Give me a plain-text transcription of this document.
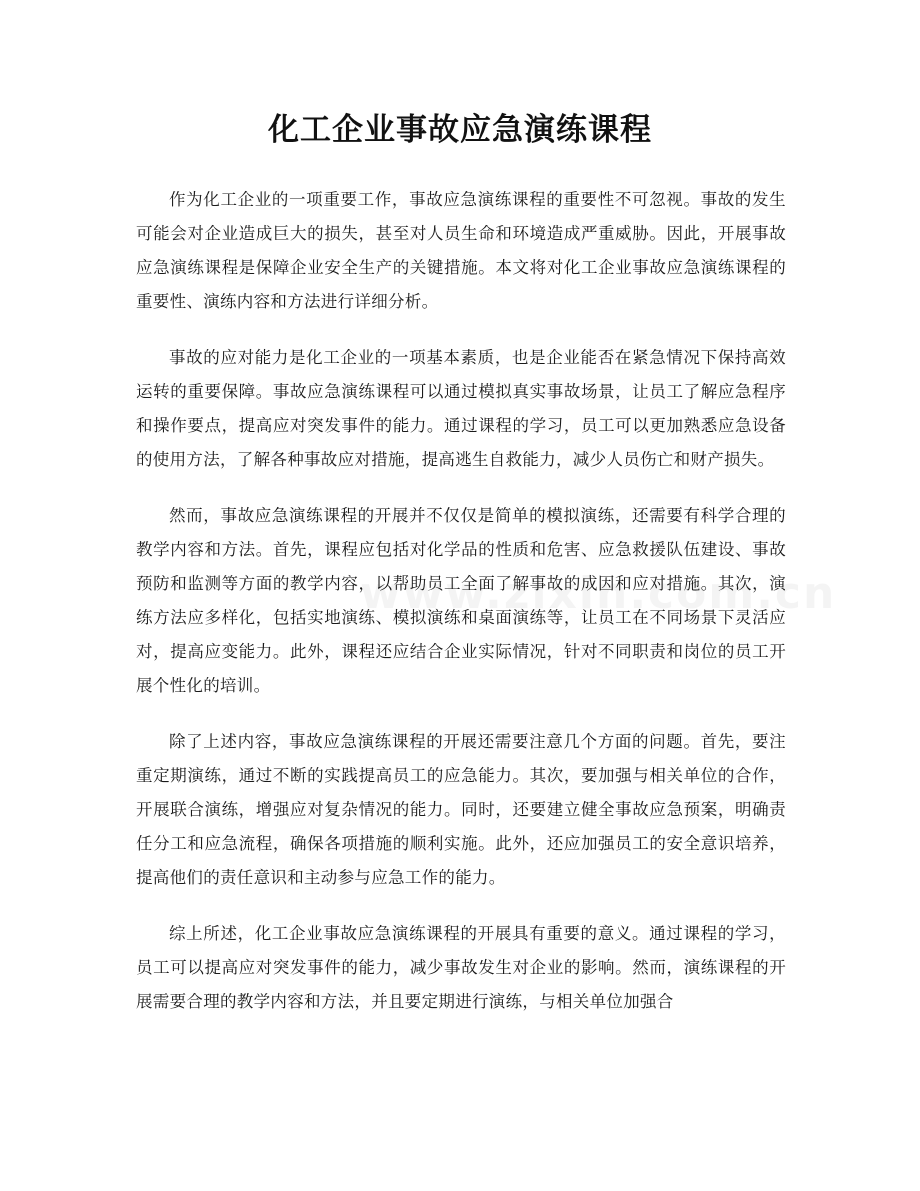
化工企业事故应急演练课程

作为化工企业的一项重要工作，事故应急演练课程的重要性不可忽视。事故的发生可能会对企业造成巨大的损失，甚至对人员生命和环境造成严重威胁。因此，开展事故应急演练课程是保障企业安全生产的关键措施。本文将对化工企业事故应急演练课程的重要性、演练内容和方法进行详细分析。

事故的应对能力是化工企业的一项基本素质，也是企业能否在紧急情况下保持高效运转的重要保障。事故应急演练课程可以通过模拟真实事故场景，让员工了解应急程序和操作要点，提高应对突发事件的能力。通过课程的学习，员工可以更加熟悉应急设备的使用方法，了解各种事故应对措施，提高逃生自救能力，减少人员伤亡和财产损失。

然而，事故应急演练课程的开展并不仅仅是简单的模拟演练，还需要有科学合理的教学内容和方法。首先，课程应包括对化学品的性质和危害、应急救援队伍建设、事故预防和监测等方面的教学内容，以帮助员工全面了解事故的成因和应对措施。其次，演练方法应多样化，包括实地演练、模拟演练和桌面演练等，让员工在不同场景下灵活应对，提高应变能力。此外，课程还应结合企业实际情况，针对不同职责和岗位的员工开展个性化的培训。

除了上述内容，事故应急演练课程的开展还需要注意几个方面的问题。首先，要注重定期演练，通过不断的实践提高员工的应急能力。其次，要加强与相关单位的合作，开展联合演练，增强应对复杂情况的能力。同时，还要建立健全事故应急预案，明确责任分工和应急流程，确保各项措施的顺利实施。此外，还应加强员工的安全意识培养，提高他们的责任意识和主动参与应急工作的能力。

综上所述，化工企业事故应急演练课程的开展具有重要的意义。通过课程的学习，员工可以提高应对突发事件的能力，减少事故发生对企业的影响。然而，演练课程的开展需要合理的教学内容和方法，并且要定期进行演练，与相关单位加强合
